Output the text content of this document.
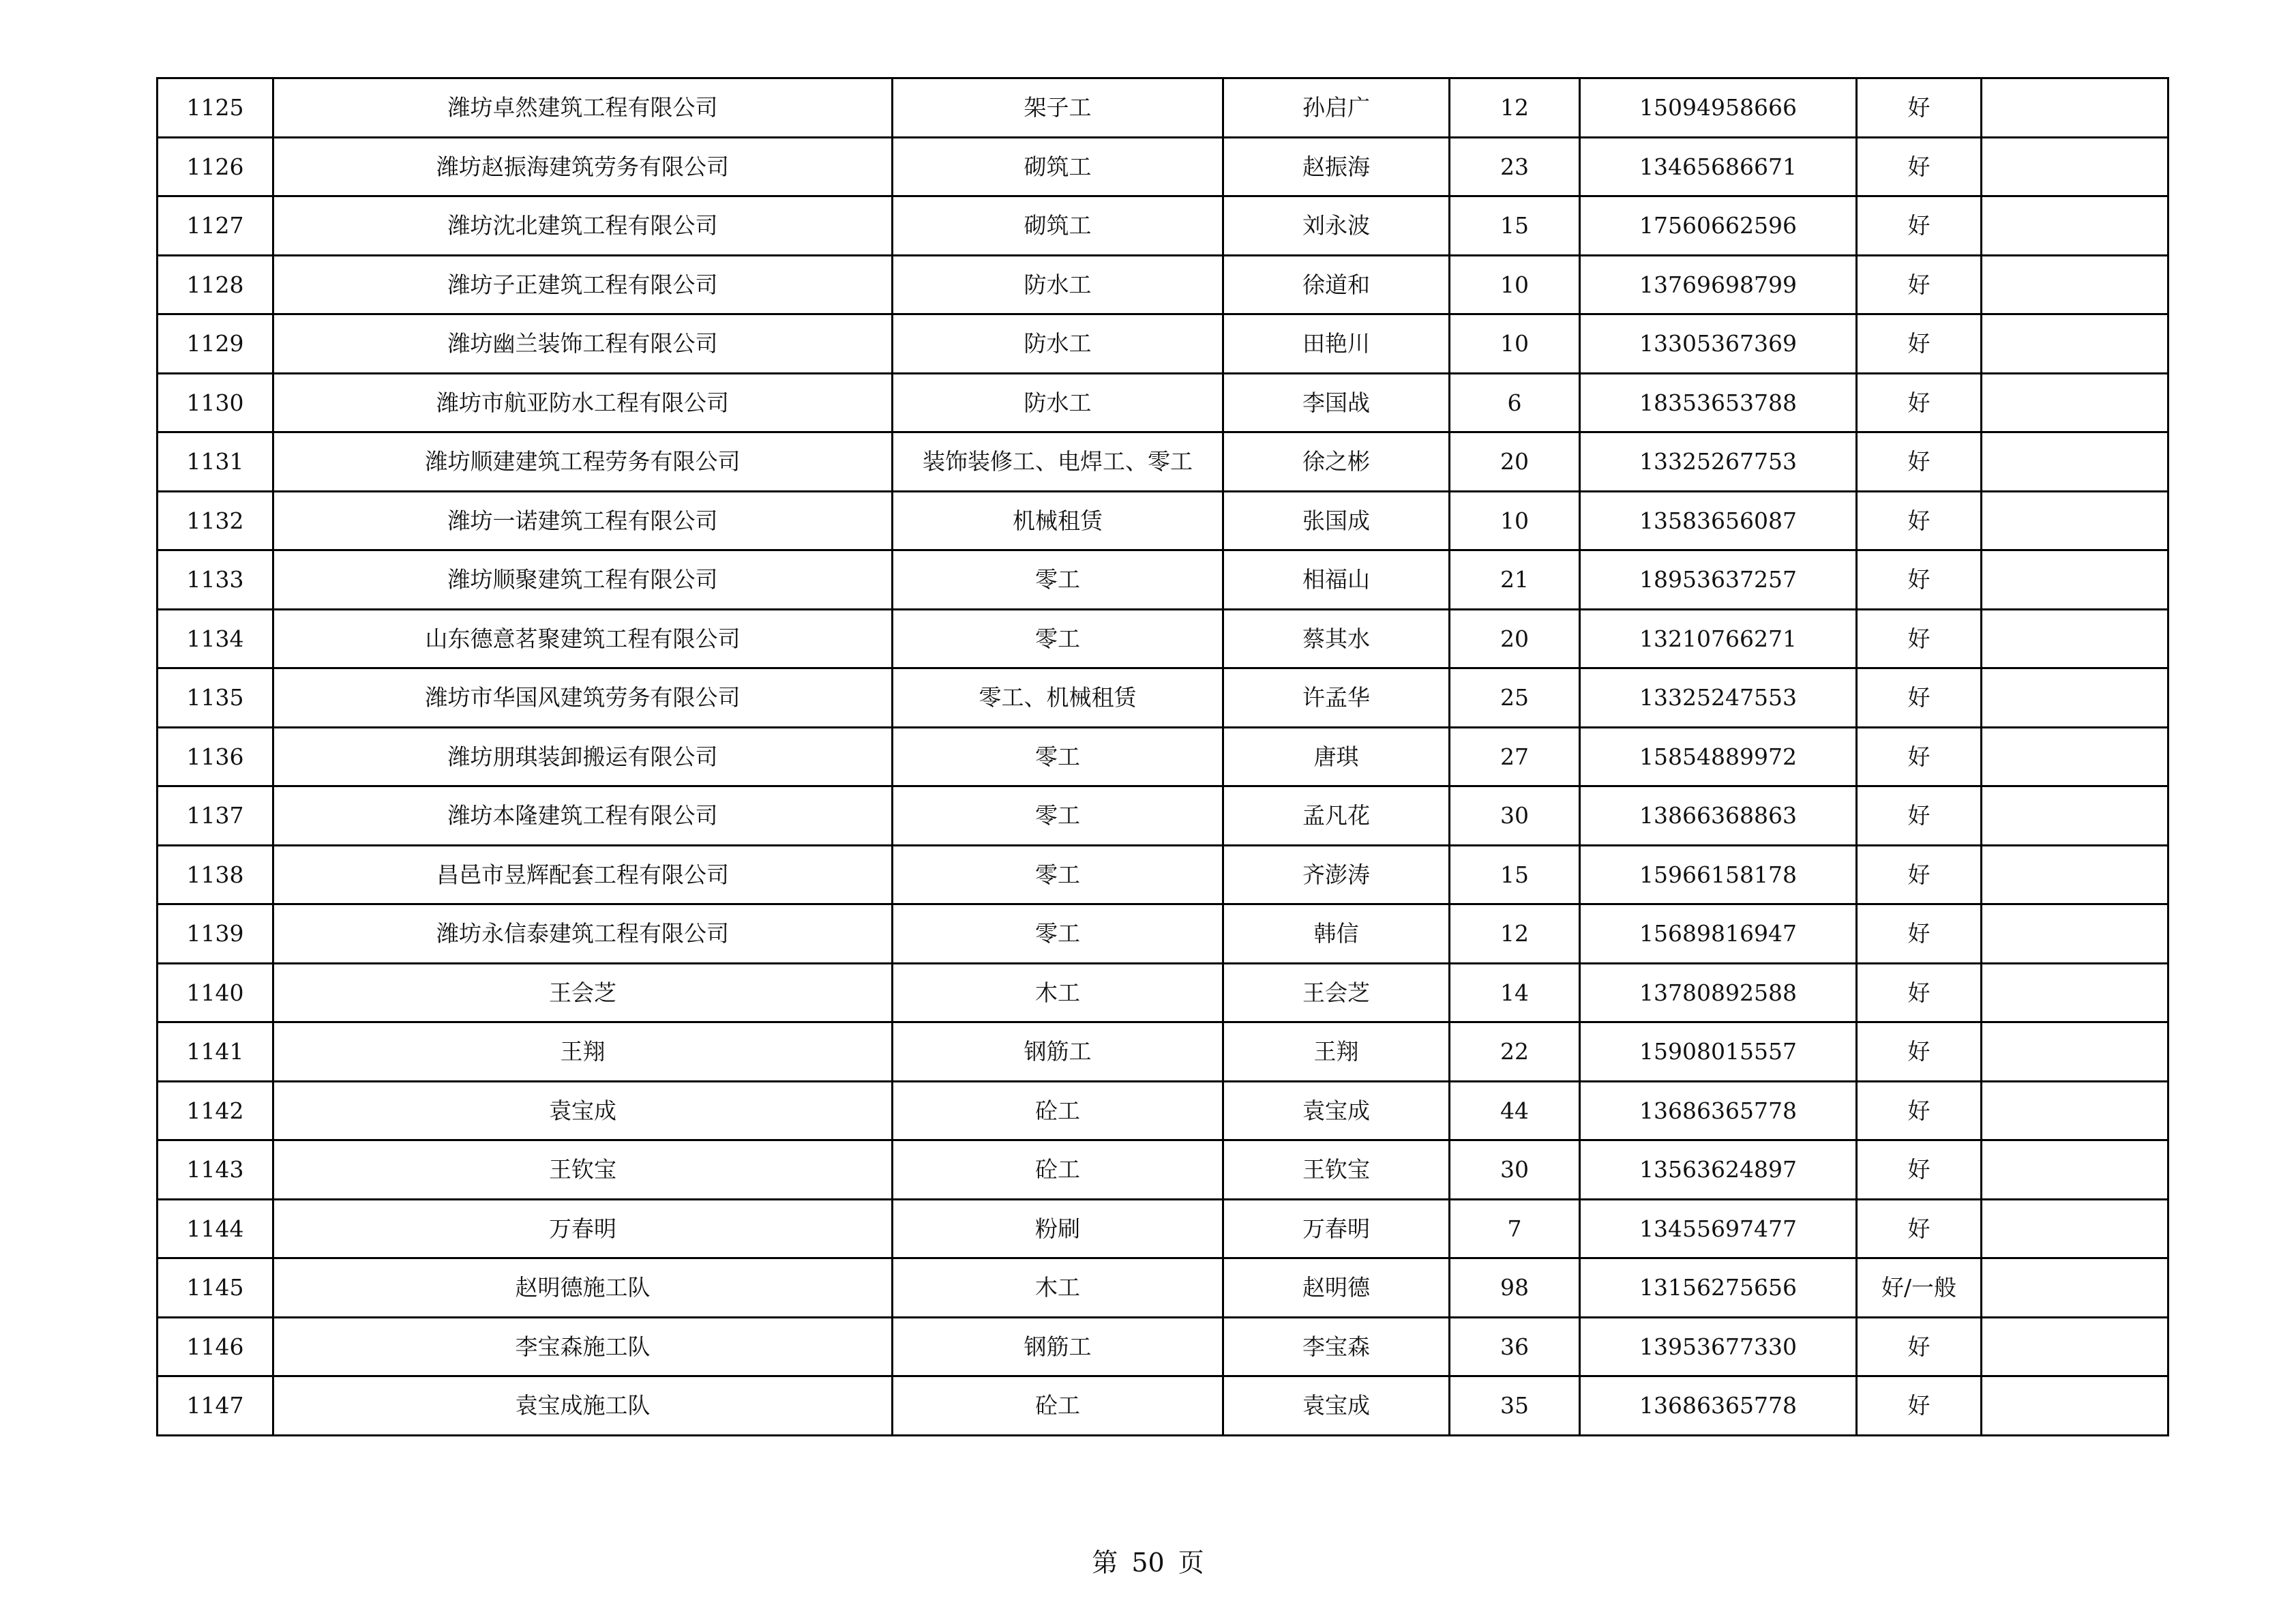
1125	潍坊卓然建筑工程有限公司	架子工	孙启广	12	15094958666	好	
1126	潍坊赵振海建筑劳务有限公司	砌筑工	赵振海	23	13465686671	好	
1127	潍坊沈北建筑工程有限公司	砌筑工	刘永波	15	17560662596	好	
1128	潍坊子正建筑工程有限公司	防水工	徐道和	10	13769698799	好	
1129	潍坊幽兰装饰工程有限公司	防水工	田艳川	10	13305367369	好	
1130	潍坊市航亚防水工程有限公司	防水工	李国战	6	18353653788	好	
1131	潍坊顺建建筑工程劳务有限公司	装饰装修工、电焊工、零工	徐之彬	20	13325267753	好	
1132	潍坊一诺建筑工程有限公司	机械租赁	张国成	10	13583656087	好	
1133	潍坊顺聚建筑工程有限公司	零工	相福山	21	18953637257	好	
1134	山东德意茗聚建筑工程有限公司	零工	蔡其水	20	13210766271	好	
1135	潍坊市华国风建筑劳务有限公司	零工、机械租赁	许孟华	25	13325247553	好	
1136	潍坊朋琪装卸搬运有限公司	零工	唐琪	27	15854889972	好	
1137	潍坊本隆建筑工程有限公司	零工	孟凡花	30	13866368863	好	
1138	昌邑市昱辉配套工程有限公司	零工	齐澎涛	15	15966158178	好	
1139	潍坊永信泰建筑工程有限公司	零工	韩信	12	15689816947	好	
1140	王会芝	木工	王会芝	14	13780892588	好	
1141	王翔	钢筋工	王翔	22	15908015557	好	
1142	袁宝成	砼工	袁宝成	44	13686365778	好	
1143	王钦宝	砼工	王钦宝	30	13563624897	好	
1144	万春明	粉刷	万春明	7	13455697477	好	
1145	赵明德施工队	木工	赵明德	98	13156275656	好/一般	
1146	李宝森施工队	钢筋工	李宝森	36	13953677330	好	
1147	袁宝成施工队	砼工	袁宝成	35	13686365778	好	
第 50 页
